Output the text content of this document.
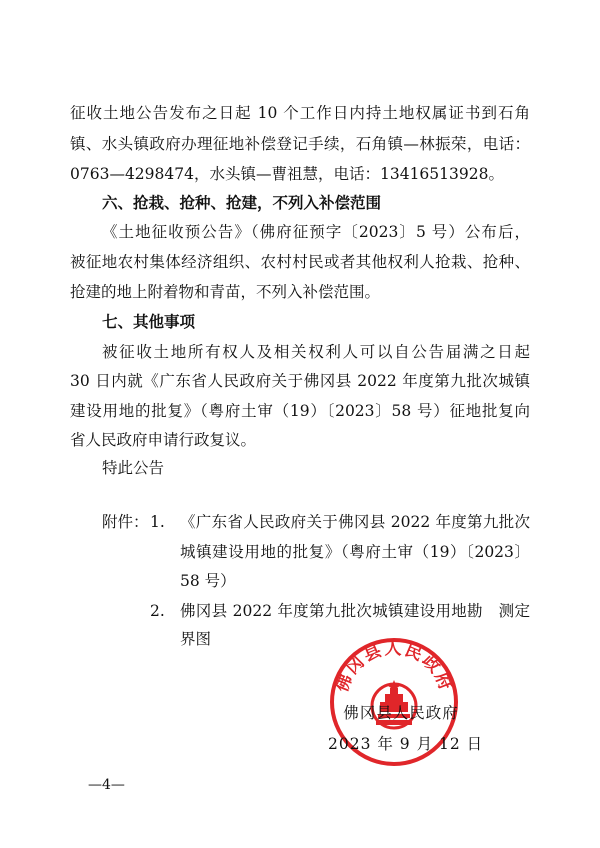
征收土地公告发布之日起 10 个工作日内持土地权属证书到石角
镇、水头镇政府办理征地补偿登记手续，石角镇—林振荣，电话：
0763—4298474，水头镇—曹祖慧，电话：13416513928。
六、抢栽、抢种、抢建，不列入补偿范围
《土地征收预公告》（佛府征预字〔2023〕5 号）公布后，
被征地农村集体经济组织、农村村民或者其他权利人抢栽、抢种、
抢建的地上附着物和青苗，不列入补偿范围。
七、其他事项
被征收土地所有权人及相关权利人可以自公告届满之日起
30 日内就《广东省人民政府关于佛冈县 2022 年度第九批次城镇
建设用地的批复》（粤府土审（19）〔2023〕58 号）征地批复向
省人民政府申请行政复议。
特此公告
附件： 1. 《广东省人民政府关于佛冈县 2022 年度第九批次
城镇建设用地的批复》（粤府土审（19）〔2023〕
58 号）
2. 佛冈县 2022 年度第九批次城镇建设用地勘　测定
界图
佛冈县人民政府
佛冈县人民政府
2023 年 9 月 12 日
—4—
